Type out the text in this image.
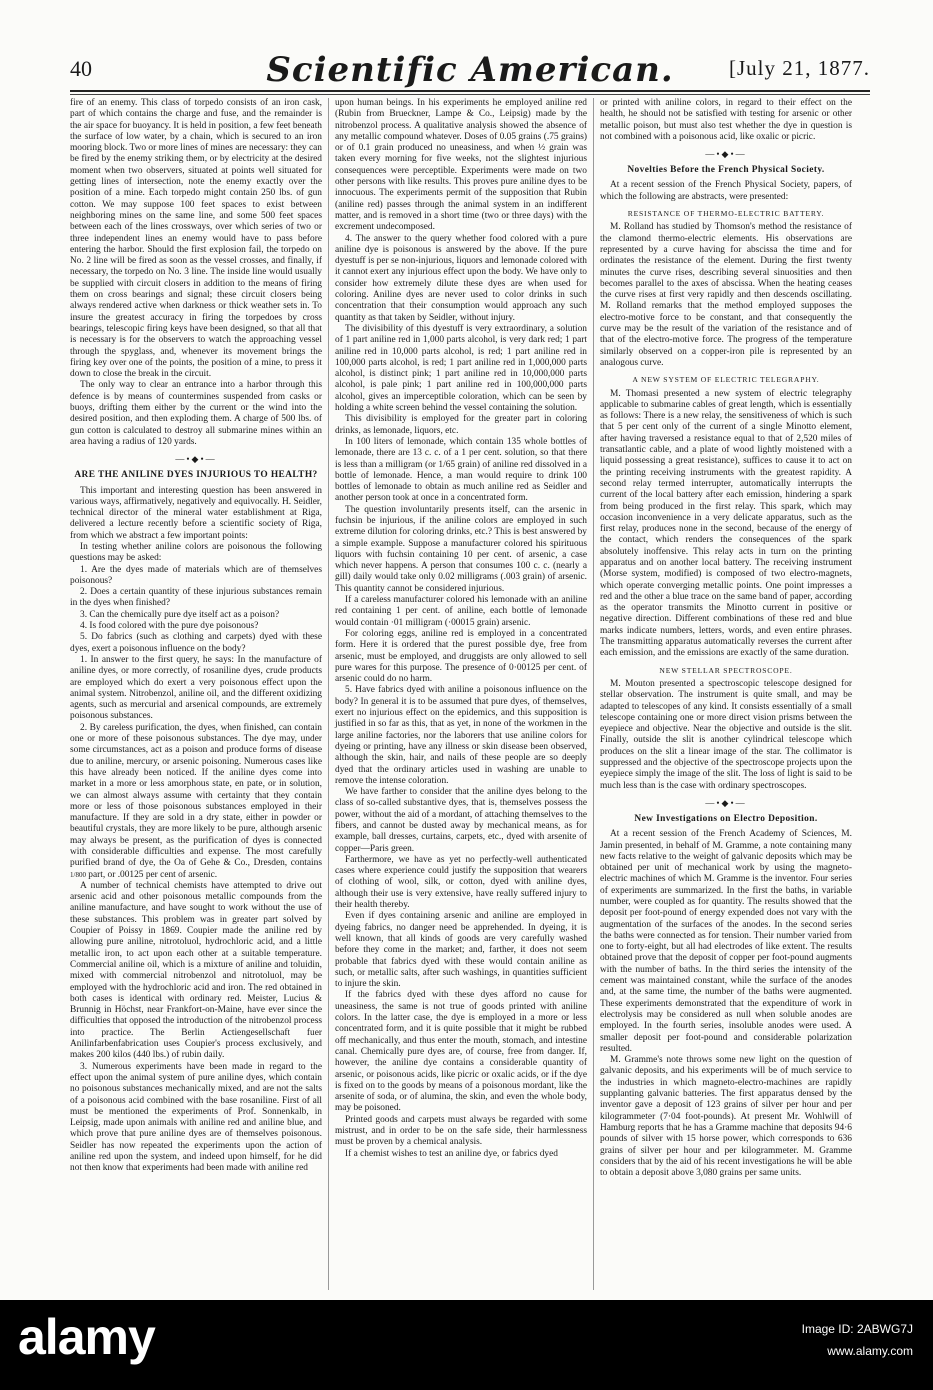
40	Scientific American.	[July 21, 1877.

fire of an enemy. This class of torpedo consists of an iron cask, part of which contains the charge and fuse, and the remainder is the air space for buoyancy. It is held in position, a few feet beneath the surface of low water, by a chain, which is secured to an iron mooring block. Two or more lines of mines are necessary: they can be fired by the enemy striking them, or by electricity at the desired moment when two observers, situated at points well situated for getting lines of intersection, note the enemy exactly over the position of a mine. Each torpedo might contain 250 lbs. of gun cotton. We may suppose 100 feet spaces to exist between neighboring mines on the same line, and some 500 feet spaces between each of the lines crossways, over which series of two or three independent lines an enemy would have to pass before entering the harbor. Should the first explosion fail, the torpedo on No. 2 line will be fired as soon as the vessel crosses, and finally, if necessary, the torpedo on No. 3 line. The inside line would usually be supplied with circuit closers in addition to the means of firing them on cross bearings and signal; these circuit closers being always rendered active when darkness or thick weather sets in. To insure the greatest accuracy in firing the torpedoes by cross bearings, telescopic firing keys have been designed, so that all that is necessary is for the observers to watch the approaching vessel through the spyglass, and, whenever its movement brings the firing key over one of the points, the position of a mine, to press it down to close the break in the circuit.

The only way to clear an entrance into a harbor through this defence is by means of countermines suspended from casks or buoys, drifting them either by the current or the wind into the desired position, and then exploding them. A charge of 500 lbs. of gun cotton is calculated to destroy all submarine mines within an area having a radius of 120 yards.

—•◆•—
ARE THE ANILINE DYES INJURIOUS TO HEALTH?

This important and interesting question has been answered in various ways, affirmatively, negatively and equivocally. H. Seidler, technical director of the mineral water establishment at Riga, delivered a lecture recently before a scientific society of Riga, from which we abstract a few important points:

In testing whether aniline colors are poisonous the following questions may be asked:

1. Are the dyes made of materials which are of themselves poisonous?

2. Does a certain quantity of these injurious substances remain in the dyes when finished?

3. Can the chemically pure dye itself act as a poison?

4. Is food colored with the pure dye poisonous?

5. Do fabrics (such as clothing and carpets) dyed with these dyes, exert a poisonous influence on the body?

1. In answer to the first query, he says: In the manufacture of aniline dyes, or more correctly, of rosaniline dyes, crude products are employed which do exert a very poisonous effect upon the animal system. Nitrobenzol, aniline oil, and the different oxidizing agents, such as mercurial and arsenical compounds, are extremely poisonous substances.

2. By careless purification, the dyes, when finished, can contain one or more of these poisonous substances. The dye may, under some circumstances, act as a poison and produce forms of disease due to aniline, mercury, or arsenic poisoning. Numerous cases like this have already been noticed. If the aniline dyes come into market in a more or less amorphous state, en pate, or in solution, we can almost always assume with certainty that they contain more or less of those poisonous substances employed in their manufacture. If they are sold in a dry state, either in powder or beautiful crystals, they are more likely to be pure, although arsenic may always be present, as the purification of dyes is connected with considerable difficulties and expense. The most carefully purified brand of dye, the Oa of Gehe & Co., Dresden, contains 1/800 part, or .00125 per cent of arsenic.

A number of technical chemists have attempted to drive out arsenic acid and other poisonous metallic compounds from the aniline manufacture, and have sought to work without the use of these substances. This problem was in greater part solved by Coupier of Poissy in 1869. Coupier made the aniline red by allowing pure aniline, nitrotoluol, hydrochloric acid, and a little metallic iron, to act upon each other at a suitable temperature. Commercial aniline oil, which is a mixture of aniline and toluidin, mixed with commercial nitrobenzol and nitrotoluol, may be employed with the hydrochloric acid and iron. The red obtained in both cases is identical with ordinary red. Meister, Lucius & Brunnig in Höchst, near Frankfort-on-Maine, have ever since the difficulties that opposed the introduction of the nitrobenzol process into practice. The Berlin Actiengesellschaft fuer Anilinfarbenfabrication uses Coupier's process exclusively, and makes 200 kilos (440 lbs.) of rubin daily.

3. Numerous experiments have been made in regard to the effect upon the animal system of pure aniline dyes, which contain no poisonous substances mechanically mixed, and are not the salts of a poisonous acid combined with the base rosaniline. First of all must be mentioned the experiments of Prof. Sonnenkalb, in Leipsig, made upon animals with aniline red and aniline blue, and which prove that pure aniline dyes are of themselves poisonous. Seidler has now repeated the experiments upon the action of aniline red upon the system, and indeed upon himself, for he did not then know that experiments had been made with aniline red

upon human beings. In his experiments he employed aniline red (Rubin from Brueckner, Lampe & Co., Leipsig) made by the nitrobenzol process. A qualitative analysis showed the absence of any metallic compound whatever. Doses of 0.05 grains (.75 grains) or of 0.1 grain produced no uneasiness, and when ½ grain was taken every morning for five weeks, not the slightest injurious consequences were perceptible. Experiments were made on two other persons with like results. This proves pure aniline dyes to be innocuous. The experiments permit of the supposition that Rubin (aniline red) passes through the animal system in an indifferent matter, and is removed in a short time (two or three days) with the excrement undecomposed.

4. The answer to the query whether food colored with a pure aniline dye is poisonous is answered by the above. If the pure dyestuff is per se non-injurious, liquors and lemonade colored with it cannot exert any injurious effect upon the body. We have only to consider how extremely dilute these dyes are when used for coloring. Aniline dyes are never used to color drinks in such concentration that their consumption would approach any such quantity as that taken by Seidler, without injury.

The divisibility of this dyestuff is very extraordinary, a solution of 1 part aniline red in 1,000 parts alcohol, is very dark red; 1 part aniline red in 10,000 parts alcohol, is red; 1 part aniline red in 100,000 parts alcohol, is red; 1 part aniline red in 1,000,000 parts alcohol, is distinct pink; 1 part aniline red in 10,000,000 parts alcohol, is pale pink; 1 part aniline red in 100,000,000 parts alcohol, gives an imperceptible coloration, which can be seen by holding a white screen behind the vessel containing the solution.

This divisibility is employed for the greater part in coloring drinks, as lemonade, liquors, etc.

In 100 liters of lemonade, which contain 135 whole bottles of lemonade, there are 13 c. c. of a 1 per cent. solution, so that there is less than a milligram (or 1/65 grain) of aniline red dissolved in a bottle of lemonade. Hence, a man would require to drink 100 bottles of lemonade to obtain as much aniline red as Seidler and another person took at once in a concentrated form.

The question involuntarily presents itself, can the arsenic in fuchsin be injurious, if the aniline colors are employed in such extreme dilution for coloring drinks, etc.? This is best answered by a simple example. Suppose a manufacturer colored his spirituous liquors with fuchsin containing 10 per cent. of arsenic, a case which never happens. A person that consumes 100 c. c. (nearly a gill) daily would take only 0.02 milligrams (.003 grain) of arsenic. This quantity cannot be considered injurious.

If a careless manufacturer colored his lemonade with an aniline red containing 1 per cent. of aniline, each bottle of lemonade would contain ·01 milligram (·00015 grain) arsenic.

For coloring eggs, aniline red is employed in a concentrated form. Here it is ordered that the purest possible dye, free from arsenic, must be employed, and druggists are only allowed to sell pure wares for this purpose. The presence of 0·00125 per cent. of arsenic could do no harm.

5. Have fabrics dyed with aniline a poisonous influence on the body? In general it is to be assumed that pure dyes, of themselves, exert no injurious effect on the epidemics, and this supposition is justified in so far as this, that as yet, in none of the workmen in the large aniline factories, nor the laborers that use aniline colors for dyeing or printing, have any illness or skin disease been observed, although the skin, hair, and nails of these people are so deeply dyed that the ordinary articles used in washing are unable to remove the intense coloration.

We have farther to consider that the aniline dyes belong to the class of so-called substantive dyes, that is, themselves possess the power, without the aid of a mordant, of attaching themselves to the fibers, and cannot be dusted away by mechanical means, as for example, ball dresses, curtains, carpets, etc., dyed with arsenite of copper—Paris green.

Farthermore, we have as yet no perfectly-well authenticated cases where experience could justify the supposition that wearers of clothing of wool, silk, or cotton, dyed with aniline dyes, although their use is very extensive, have really suffered injury to their health thereby.

Even if dyes containing arsenic and aniline are employed in dyeing fabrics, no danger need be apprehended. In dyeing, it is well known, that all kinds of goods are very carefully washed before they come in the market; and, farther, it does not seem probable that fabrics dyed with these would contain aniline as such, or metallic salts, after such washings, in quantities sufficient to injure the skin.

If the fabrics dyed with these dyes afford no cause for uneasiness, the same is not true of goods printed with aniline colors. In the latter case, the dye is employed in a more or less concentrated form, and it is quite possible that it might be rubbed off mechanically, and thus enter the mouth, stomach, and intestine canal. Chemically pure dyes are, of course, free from danger. If, however, the aniline dye contains a considerable quantity of arsenic, or poisonous acids, like picric or oxalic acids, or if the dye is fixed on to the goods by means of a poisonous mordant, like the arsenite of soda, or of alumina, the skin, and even the whole body, may be poisoned.

Printed goods and carpets must always be regarded with some mistrust, and in order to be on the safe side, their harmlessness must be proven by a chemical analysis.

If a chemist wishes to test an aniline dye, or fabrics dyed

or printed with aniline colors, in regard to their effect on the health, he should not be satisfied with testing for arsenic or other metallic poison, but must also test whether the dye in question is not combined with a poisonous acid, like oxalic or picric.

—•◆•—
Novelties Before the French Physical Society.

At a recent session of the French Physical Society, papers, of which the following are abstracts, were presented:

RESISTANCE OF THERMO-ELECTRIC BATTERY.

M. Rolland has studied by Thomson's method the resistance of the clamond thermo-electric elements. His observations are represented by a curve having for abscissa the time and for ordinates the resistance of the element. During the first twenty minutes the curve rises, describing several sinuosities and then becomes parallel to the axes of abscissa. When the heating ceases the curve rises at first very rapidly and then descends oscillating. M. Rolland remarks that the method employed supposes the electro-motive force to be constant, and that consequently the curve may be the result of the variation of the resistance and of that of the electro-motive force. The progress of the temperature similarly observed on a copper-iron pile is represented by an analogous curve.

A NEW SYSTEM OF ELECTRIC TELEGRAPHY.

M. Thomasi presented a new system of electric telegraphy applicable to submarine cables of great length, which is essentially as follows: There is a new relay, the sensitiveness of which is such that 5 per cent only of the current of a single Minotto element, after having traversed a resistance equal to that of 2,520 miles of transatlantic cable, and a plate of wood lightly moistened with a liquid possessing a great resistance), suffices to cause it to act on the printing receiving instruments with the greatest rapidity. A second relay termed interrupter, automatically interrupts the current of the local battery after each emission, hindering a spark from being produced in the first relay. This spark, which may occasion inconvenience in a very delicate apparatus, such as the first relay, produces none in the second, because of the energy of the contact, which renders the consequences of the spark absolutely inoffensive. This relay acts in turn on the printing apparatus and on another local battery. The receiving instrument (Morse system, modified) is composed of two electro-magnets, which operate converging metallic points. One point impresses a red and the other a blue trace on the same band of paper, according as the operator transmits the Minotto current in positive or negative direction. Different combinations of these red and blue marks indicate numbers, letters, words, and even entire phrases. The transmitting apparatus automatically reverses the current after each emission, and the emissions are exactly of the same duration.

NEW STELLAR SPECTROSCOPE.

M. Mouton presented a spectroscopic telescope designed for stellar observation. The instrument is quite small, and may be adapted to telescopes of any kind. It consists essentially of a small telescope containing one or more direct vision prisms between the eyepiece and objective. Near the objective and outside is the slit. Finally, outside the slit is another cylindrical telescope which produces on the slit a linear image of the star. The collimator is suppressed and the objective of the spectroscope projects upon the eyepiece simply the image of the slit. The loss of light is said to be much less than is the case with ordinary spectroscopes.

—•◆•—
New Investigations on Electro Deposition.

At a recent session of the French Academy of Sciences, M. Jamin presented, in behalf of M. Gramme, a note containing many new facts relative to the weight of galvanic deposits which may be obtained per unit of mechanical work by using the magneto-electric machines of which M. Gramme is the inventor. Four series of experiments are summarized. In the first the baths, in variable number, were coupled as for quantity. The results showed that the deposit per foot-pound of energy expended does not vary with the augmentation of the surfaces of the anodes. In the second series the baths were connected as for tension. Their number varied from one to forty-eight, but all had electrodes of like extent. The results obtained prove that the deposit of copper per foot-pound augments with the number of baths. In the third series the intensity of the cement was maintained constant, while the surface of the anodes and, at the same time, the number of the baths were augmented. These experiments demonstrated that the expenditure of work in electrolysis may be considered as null when soluble anodes are employed. In the fourth series, insoluble anodes were used. A smaller deposit per foot-pound and considerable polarization resulted.

M. Gramme's note throws some new light on the question of galvanic deposits, and his experiments will be of much service to the industries in which magneto-electro-machines are rapidly supplanting galvanic batteries. The first apparatus densed by the inventor gave a deposit of 123 grains of silver per hour and per kilogrammeter (7·04 foot-pounds). At present Mr. Wohlwill of Hamburg reports that he has a Gramme machine that deposits 94·6 pounds of silver with 15 horse power, which corresponds to 636 grains of silver per hour and per kilogrammeter. M. Gramme considers that by the aid of his recent investigations he will be able to obtain a deposit above 3,080 grains per same units.

alamy	Image ID: 2ABWG7J
www.alamy.com
